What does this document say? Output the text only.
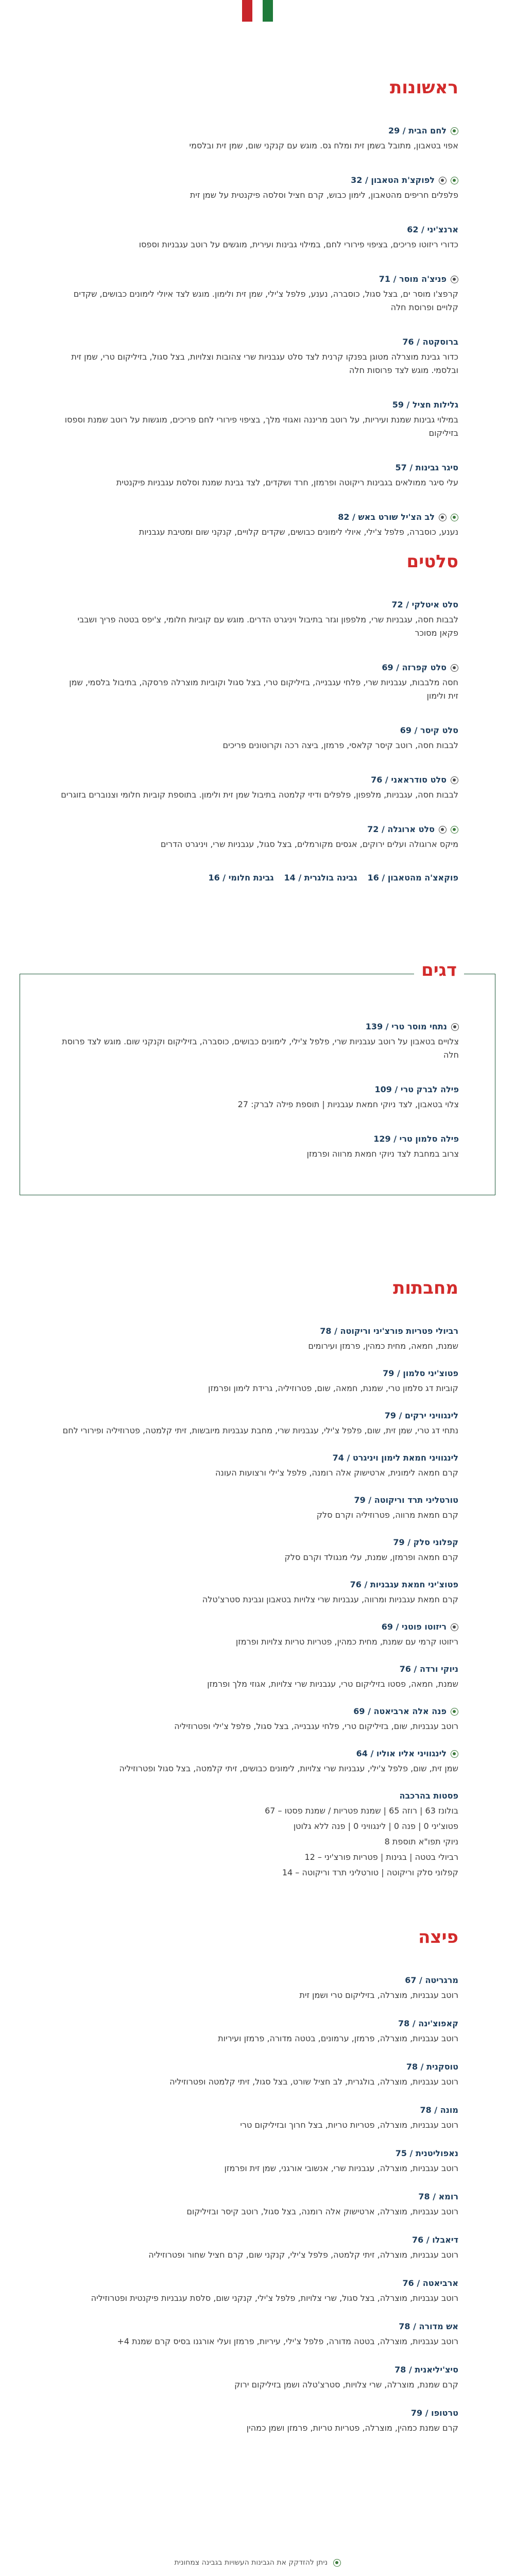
ראשונות
לחם הבית / 29
אפוי בטאבון, מתובל בשמן זית ומלח גס. מוגש עם קנקני שום, שמן זית ובלסמי
לפוקצ'ת הטאבון / 32
פלפלים חריפים מהטאבון, לימון כבוש, קרם חציל וסלסה פיקנטית על שמן זית
ארנצ'יני / 62
כדורי ריזוטו פריכים, בציפוי פירורי לחם, במילוי גבינות ועירית, מוגשים על רוטב עגבניות וספסו
פניצ'ה מוסר / 71
קרפצ'ו מוסר ים, בצל סגול, כוסברה, נענע, פלפל צ'ילי, שמן זית ולימון. מוגש לצד איולי לימונים כבושים, שקדים קלויים ופרוסת חלה
ברוסקטה / 76
כדור גבינת מוצרלה מטוגן בפנקו קרנית לצד סלט עגבניות שרי צהובות וצלויות, בצל סגול, בזיליקום טרי, שמן זית ובלסמי. מוגש לצד פרוסות חלה
גלילות חציל / 59
במילוי גבינות שמנת ועיריות, על רוטב מריננה ואגוזי מלך, בציפוי פירורי לחם פריכים, מוגשות על רוטב שמנת וספסו בזיליקום
סיגר גבינות / 57
עלי סיגר ממולאים בגבינות ריקוטה ופרמזן, חרד ושקדים, לצד גבינת שמנת וסלסת עגבניות פיקנטית
לב הצ'יל שורט באש / 82
נענע, כוסברה, פלפל צ'ילי, איולי לימונים כבושים, שקדים קלויים, קנקני שום ומטיבת עגבניות
סלטים
סלט איטלקי / 72
לבבות חסה, עגבניות שרי, מלפפון וגזר בתיבול ויניגרט הדרים. מוגש עם קוביות חלומי, צ'יפס בטטה פריך ושבבי פקאן מסוכר
סלט קפרזה / 69
חסה מלבבות, עגבניות שרי, פלחי עגבנייה, בזיליקום טרי, בצל סגול וקוביות מוצרלה פרסקה, בתיבול בלסמי, שמן זית ולימון
סלט קיסר / 69
לבבות חסה, רוטב קיסר קלאסי, פרמזן, ביצה רכה וקרוטונים פריכים
סלט סודראאני / 76
לבבות חסה, עגבניות, מלפפון, פלפלים ודיזי קלמטה בתיבול שמן זית ולימון. בתוספת קוביות חלומי וצנוברים בזוגרים
סלט ארוגלה / 72
מיקס ארוגולה ועלים ירוקים, אגסים מקורמלים, בצל סגול, עגבניות שרי, ויניגרט הדרים
פוקאצ'ה מהטאבון / 16
גבינה בולגרית / 14
גבינת חלומי / 16
דגים
נתחי מוסר טרי / 139
צלויים בטאבון על רוטב עגבניות שרי, פלפל צ'ילי, לימונים כבושים, כוסברה, בזיליקום וקנקני שום. מוגש לצד פרוסת חלה
פילה לברק טרי / 109
צלוי בטאבון, לצד ניוקי חמאת עגבניות | תוספת פילה לברק: 27
פילה סלמון טרי / 129
צרוב במחבת לצד ניוקי חמאת מרווה ופרמזן
מחבתות
רביולי פטריות פורצ'יני וריקוטה / 78
שמנת, חמאה, מחית כמהין, פרמזן ועירומים
פטוצ'יני סלמון / 79
קוביות דג סלמון טרי, שמנת, חמאה, שום, פטרוזיליה, גרידת לימון ופרמזן
לינגוויני ירקים / 79
נתחי דג טרי, שמן זית, שום, פלפל צ'ילי, עגבניות שרי, מחבת עגבניות מיובשות, זיתי קלמטה, פטרוזיליה ופירורי לחם
לינגוויני חמאת לימון ויניגרט / 74
קרם חמאה לימונית, ארטישוק אלה רומנה, פלפל צ'ילי ורצועות העונה
טורטליני תרד וריקוטה / 79
קרם חמאת מרווה, פטרוזיליה וקרם סלק
קפלוני סלק / 79
קרם חמאה ופרמזן, שמנת, עלי מנגולד וקרם סלק
פטוצ'יני חמאת עגבניות / 76
קרם חמאת עגבניות ומרווה, עגבניות שרי צלויות בטאבון וגבינת סטרצ'טלה
ריזוטו פוטני / 69
ריזוטו קרמי עם שמנת, מחית כמהין, פטריות טריות צלויות ופרמזן
ניוקי ורדה / 76
שמנת, חמאה, פסטו בזיליקום טרי, עגבניות שרי צלויות, אגוזי מלך ופרמזן
פנה אלה ארביאטה / 69
רוטב עגבניות, שום, בזיליקום טרי, פלחי עגבנייה, בצל סגול, פלפל צ'ילי ופטרוזיליה
לינגוויני אליו אוליו / 64
שמן זית, שום, פלפל צ'ילי, עגבניות שרי צלויות, לימונים כבושים, זיתי קלמטה, בצל סגול ופטרוזיליה
פסטות בהרכבה
בולונז 63 | רוזה 65 | שמנת פטריות / שמנת פסטו – 67
פטוצ'יני 0 | פנה 0 | לינגוויני 0 | פנה ללא גלוטן
ניוקי תפו"א תוספת 8
רביולי בטטה | בגינות | פטריות פורצ'יני – 12
קפלוני סלק וריקוטה | טורטליני תרד וריקוטה – 14
פיצה
מרגריטה / 67
רוטב עגבניות, מוצרלה, בזיליקום טרי ושמן זית
קאפוצ'ינה / 78
רוטב עגבניות, מוצרלה, פרמזן, ערמונים, בטטה מדורה, פרמזן ועיריות
טוסקנית / 78
רוטב עגבניות, מוצרלה, בולגרית, לב חציל שורט, בצל סגול, זיתי קלמטה ופטרוזיליה
מונה / 78
רוטב עגבניות, מוצרלה, פטריות טריות, בצל חרוך ובזיליקום טרי
נאפוליטנית / 75
רוטב עגבניות, מוצרלה, עגבניות שרי, אנשובי אורגני, שמן זית ופרמזן
רומא / 78
רוטב עגבניות, מוצרלה, ארטישוק אלה רומנה, בצל סגול, רוטב קיסר ובזיליקום
דיאבלו / 76
רוטב עגבניות, מוצרלה, זיתי קלמטה, פלפל צ'ילי, קנקני שום, קרם חציל שחור ופטרוזיליה
ארביאטה / 76
רוטב עגבניות, מוצרלה, בצל סגול, שרי צלויות, פלפל צ'ילי, קנקני שום, סלסת עגבניות פיקנטית ופטרוזיליה
אש מדורה / 78
רוטב עגבניות, מוצרלה, בטטה מדורה, פלפל צ'ילי, עיריות, פרמזן ועלי אורגנו בסיס קרם שמנת 4+
סיצ'יליאנית / 78
קרם שמנת, מוצרלה, שרי צלויות, סטרצ'טלה ושמן בזיליקום ירוק
טרטופו / 79
קרם שמנת כמהין, מוצרלה, פטריות טריות, פרמזן ושמן כמהין
ניתן להזדקק את הגבינות העשויות בגבינה צמחונית
